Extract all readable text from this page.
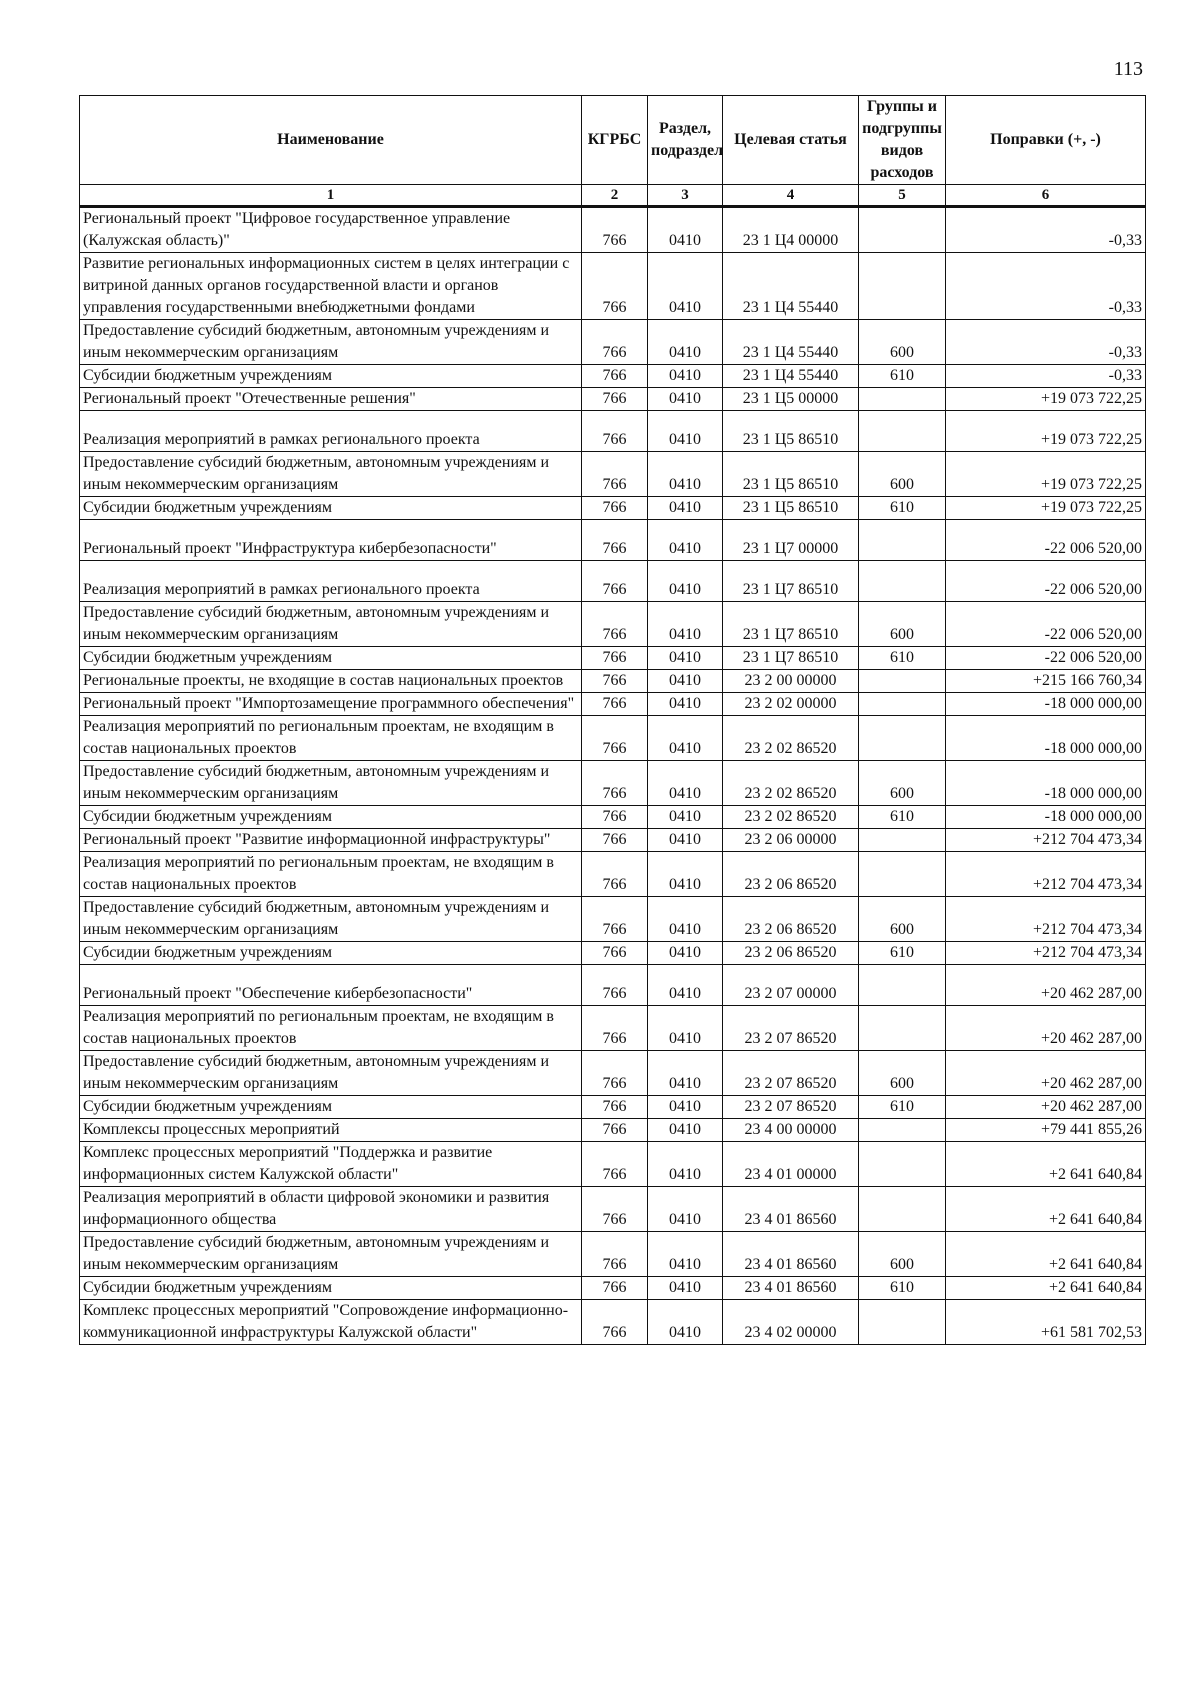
113
Наименование	КГРБС	Раздел, подраздел	Целевая статья	Группы и подгруппы видов расходов	Поправки (+, -)
1	2	3	4	5	6
Региональный проект "Цифровое государственное управление (Калужская область)"	766	0410	23 1 Ц4 00000		-0,33
Развитие региональных информационных систем в целях интеграции с витриной данных органов государственной власти и органов управления государственными внебюджетными фондами	766	0410	23 1 Ц4 55440		-0,33
Предоставление субсидий бюджетным, автономным учреждениям и иным некоммерческим организациям	766	0410	23 1 Ц4 55440	600	-0,33
Субсидии бюджетным учреждениям	766	0410	23 1 Ц4 55440	610	-0,33
Региональный проект "Отечественные решения"	766	0410	23 1 Ц5 00000		+19 073 722,25
Реализация мероприятий в рамках регионального проекта	766	0410	23 1 Ц5 86510		+19 073 722,25
Предоставление субсидий бюджетным, автономным учреждениям и иным некоммерческим организациям	766	0410	23 1 Ц5 86510	600	+19 073 722,25
Субсидии бюджетным учреждениям	766	0410	23 1 Ц5 86510	610	+19 073 722,25
Региональный проект "Инфраструктура кибербезопасности"	766	0410	23 1 Ц7 00000		-22 006 520,00
Реализация мероприятий в рамках регионального проекта	766	0410	23 1 Ц7 86510		-22 006 520,00
Предоставление субсидий бюджетным, автономным учреждениям и иным некоммерческим организациям	766	0410	23 1 Ц7 86510	600	-22 006 520,00
Субсидии бюджетным учреждениям	766	0410	23 1 Ц7 86510	610	-22 006 520,00
Региональные проекты, не входящие в состав национальных проектов	766	0410	23 2 00 00000		+215 166 760,34
Региональный проект "Импортозамещение программного обеспечения"	766	0410	23 2 02 00000		-18 000 000,00
Реализация мероприятий по региональным проектам, не входящим в состав национальных проектов	766	0410	23 2 02 86520		-18 000 000,00
Предоставление субсидий бюджетным, автономным учреждениям и иным некоммерческим организациям	766	0410	23 2 02 86520	600	-18 000 000,00
Субсидии бюджетным учреждениям	766	0410	23 2 02 86520	610	-18 000 000,00
Региональный проект "Развитие информационной инфраструктуры"	766	0410	23 2 06 00000		+212 704 473,34
Реализация мероприятий по региональным проектам, не входящим в состав национальных проектов	766	0410	23 2 06 86520		+212 704 473,34
Предоставление субсидий бюджетным, автономным учреждениям и иным некоммерческим организациям	766	0410	23 2 06 86520	600	+212 704 473,34
Субсидии бюджетным учреждениям	766	0410	23 2 06 86520	610	+212 704 473,34
Региональный проект "Обеспечение кибербезопасности"	766	0410	23 2 07 00000		+20 462 287,00
Реализация мероприятий по региональным проектам, не входящим в состав национальных проектов	766	0410	23 2 07 86520		+20 462 287,00
Предоставление субсидий бюджетным, автономным учреждениям и иным некоммерческим организациям	766	0410	23 2 07 86520	600	+20 462 287,00
Субсидии бюджетным учреждениям	766	0410	23 2 07 86520	610	+20 462 287,00
Комплексы процессных мероприятий	766	0410	23 4 00 00000		+79 441 855,26
Комплекс процессных мероприятий "Поддержка и развитие информационных систем Калужской области"	766	0410	23 4 01 00000		+2 641 640,84
Реализация мероприятий в области цифровой экономики и развития информационного общества	766	0410	23 4 01 86560		+2 641 640,84
Предоставление субсидий бюджетным, автономным учреждениям и иным некоммерческим организациям	766	0410	23 4 01 86560	600	+2 641 640,84
Субсидии бюджетным учреждениям	766	0410	23 4 01 86560	610	+2 641 640,84
Комплекс процессных мероприятий "Сопровождение информационно-коммуникационной инфраструктуры Калужской области"	766	0410	23 4 02 00000		+61 581 702,53
